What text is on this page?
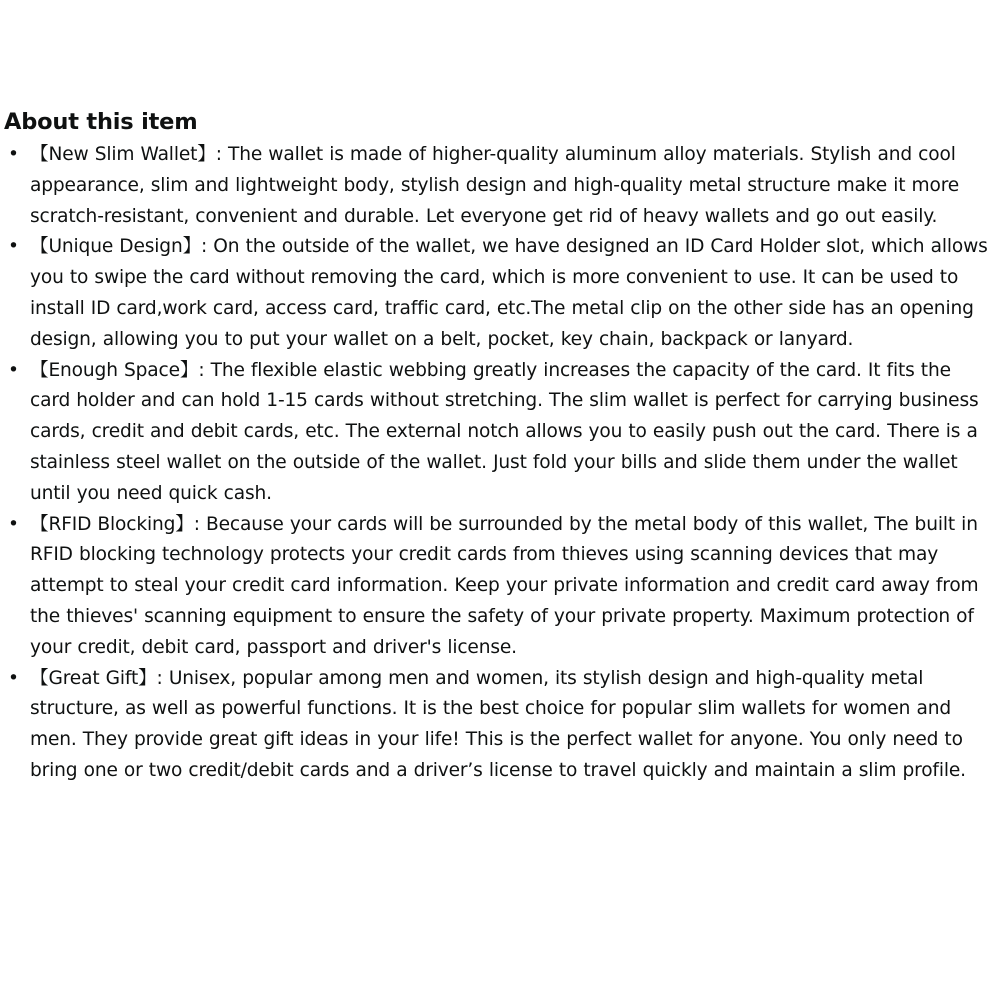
About this item
• 【New Slim Wallet】: The wallet is made of higher-quality aluminum alloy materials. Stylish and cool appearance, slim and lightweight body, stylish design and high-quality metal structure make it more scratch-resistant, convenient and durable. Let everyone get rid of heavy wallets and go out easily.
• 【Unique Design】: On the outside of the wallet, we have designed an ID Card Holder slot, which allows you to swipe the card without removing the card, which is more convenient to use. It can be used to install ID card,work card, access card, traffic card, etc.The metal clip on the other side has an opening design, allowing you to put your wallet on a belt, pocket, key chain, backpack or lanyard.
• 【Enough Space】: The flexible elastic webbing greatly increases the capacity of the card. It fits the card holder and can hold 1-15 cards without stretching. The slim wallet is perfect for carrying business cards, credit and debit cards, etc. The external notch allows you to easily push out the card. There is a stainless steel wallet on the outside of the wallet. Just fold your bills and slide them under the wallet until you need quick cash.
• 【RFID Blocking】: Because your cards will be surrounded by the metal body of this wallet, The built in RFID blocking technology protects your credit cards from thieves using scanning devices that may attempt to steal your credit card information. Keep your private information and credit card away from the thieves' scanning equipment to ensure the safety of your private property. Maximum protection of your credit, debit card, passport and driver's license.
• 【Great Gift】: Unisex, popular among men and women, its stylish design and high-quality metal structure, as well as powerful functions. It is the best choice for popular slim wallets for women and men. They provide great gift ideas in your life! This is the perfect wallet for anyone. You only need to bring one or two credit/debit cards and a driver’s license to travel quickly and maintain a slim profile.
